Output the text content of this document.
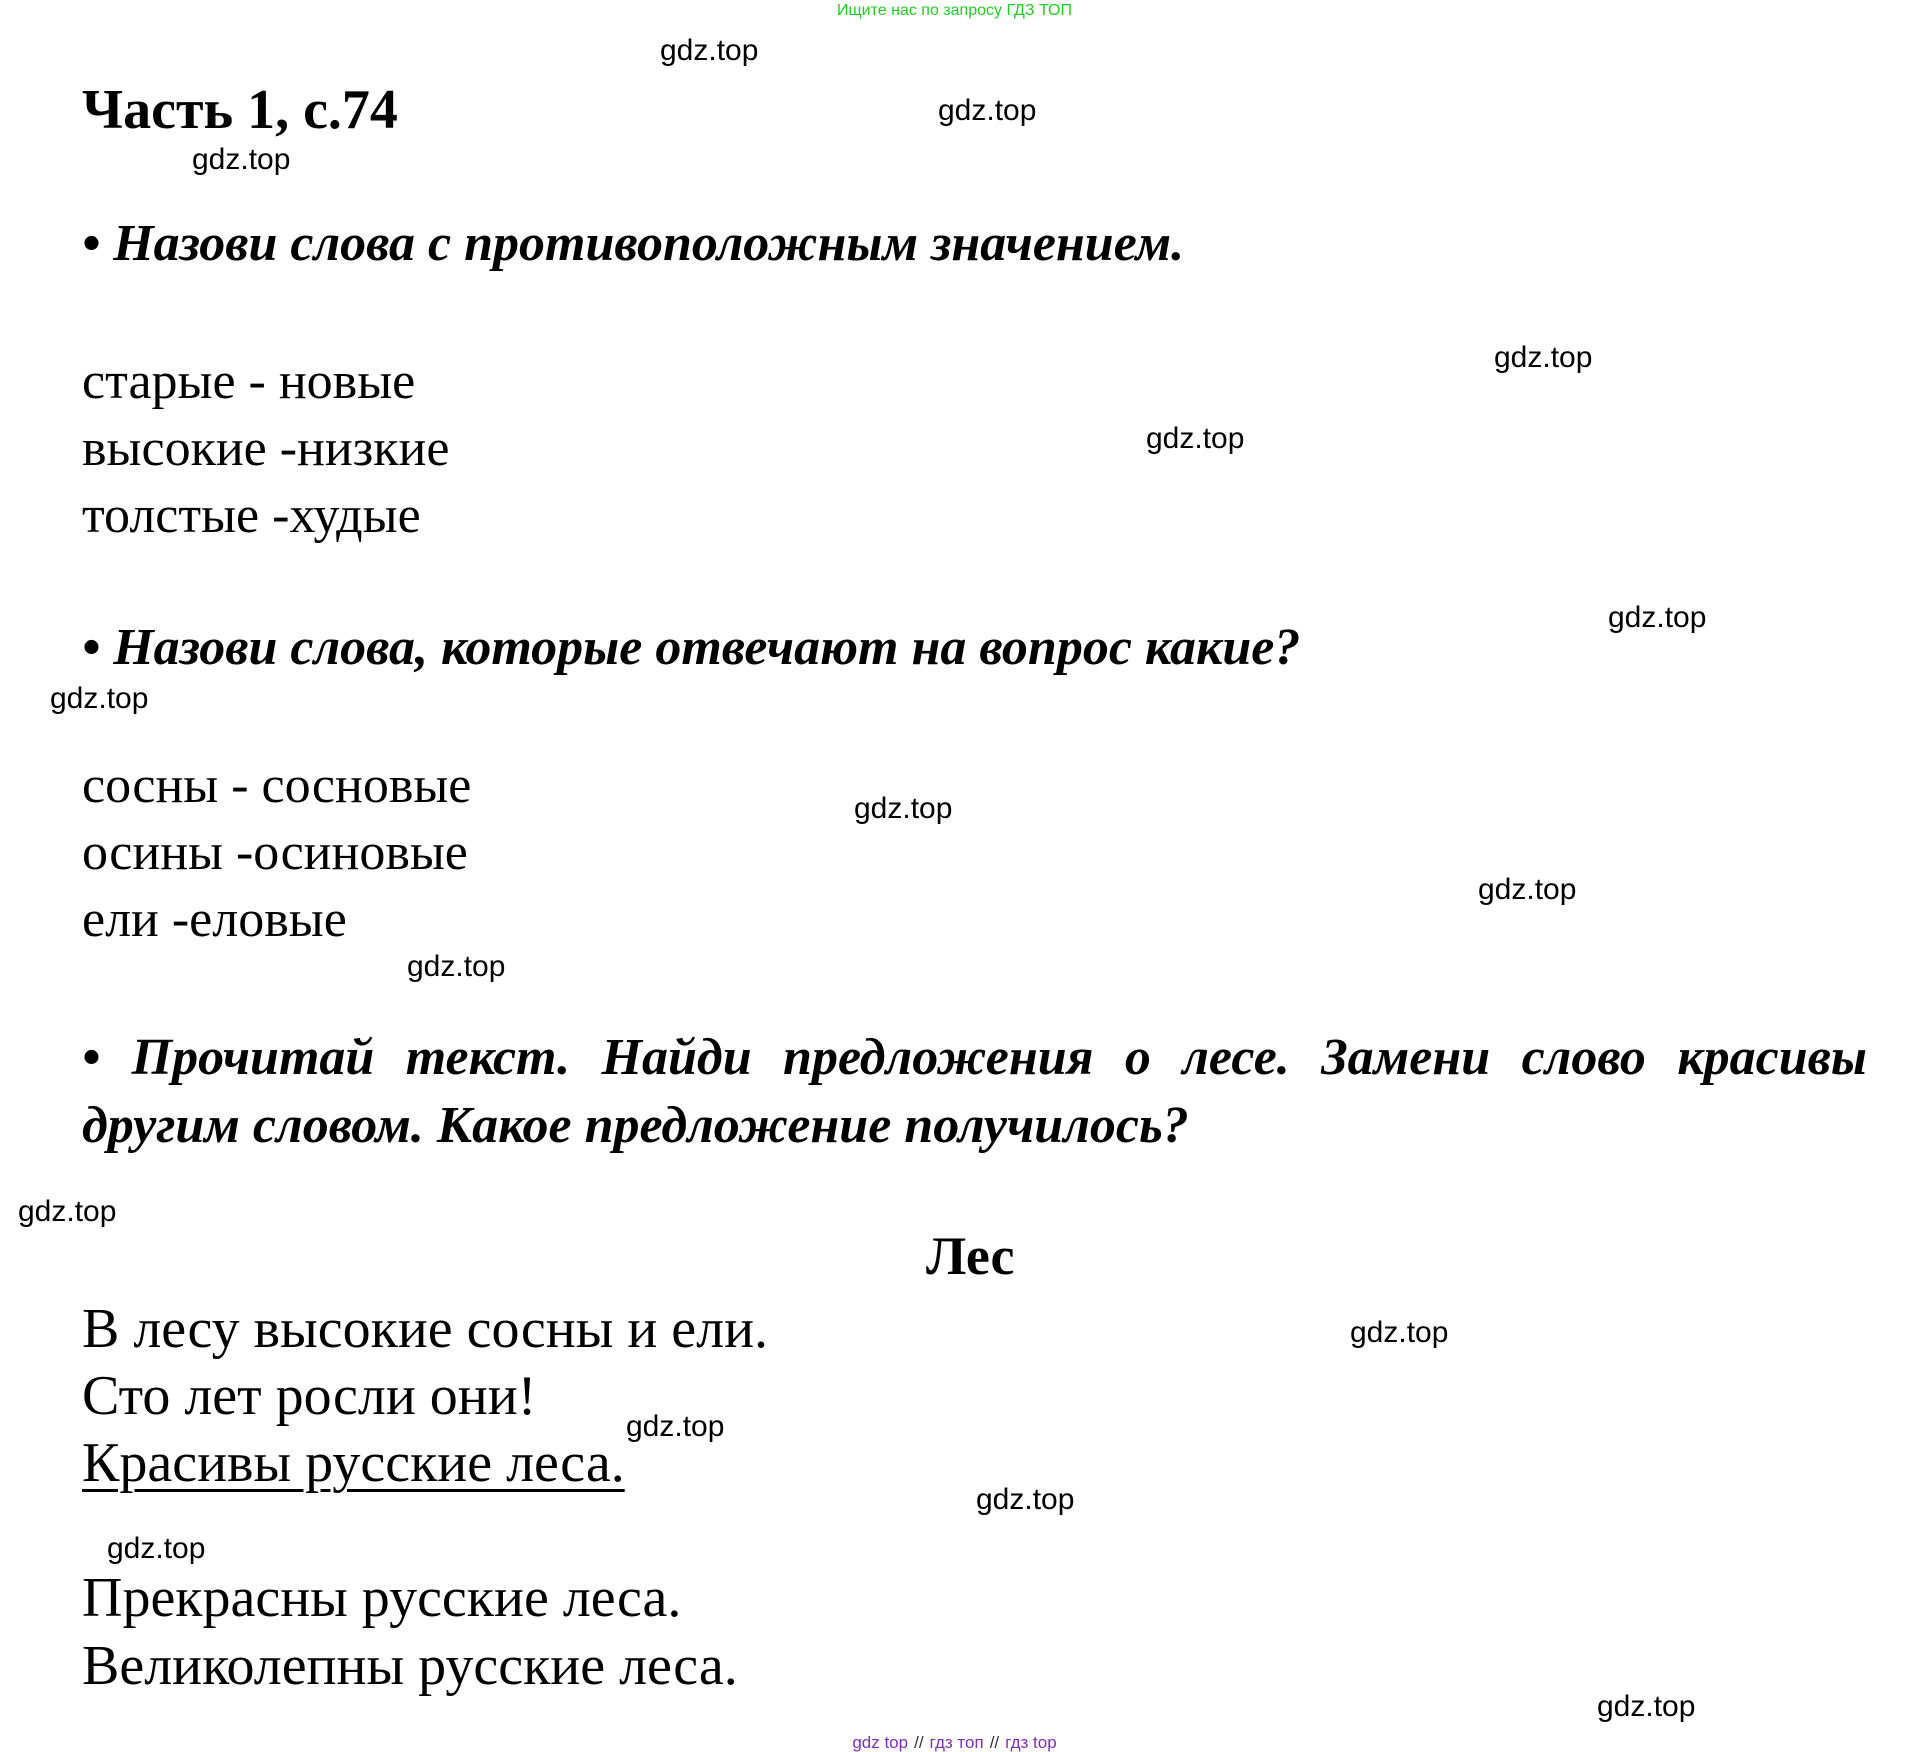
Ищите нас по запросу ГДЗ ТОП
Часть 1, с.74
• Назови слова с противоположным значением.
старые - новые
высокие -низкие
толстые -худые
• Назови слова, которые отвечают на вопрос какие?
сосны - сосновые
осины -осиновые
ели -еловые
• Прочитай текст. Найди предложения о лесе. Замени слово красивы другим словом. Какое предложение получилось?
Лес
В лесу высокие сосны и ели.
Сто лет росли они!
Красивы русские леса.
Прекрасны русские леса.
Великолепны русские леса.
gdz.top
gdz.top
gdz.top
gdz.top
gdz.top
gdz.top
gdz.top
gdz.top
gdz.top
gdz.top
gdz.top
gdz.top
gdz.top
gdz.top
gdz.top
gdz.top
gdz top // гдз топ // гдз top
